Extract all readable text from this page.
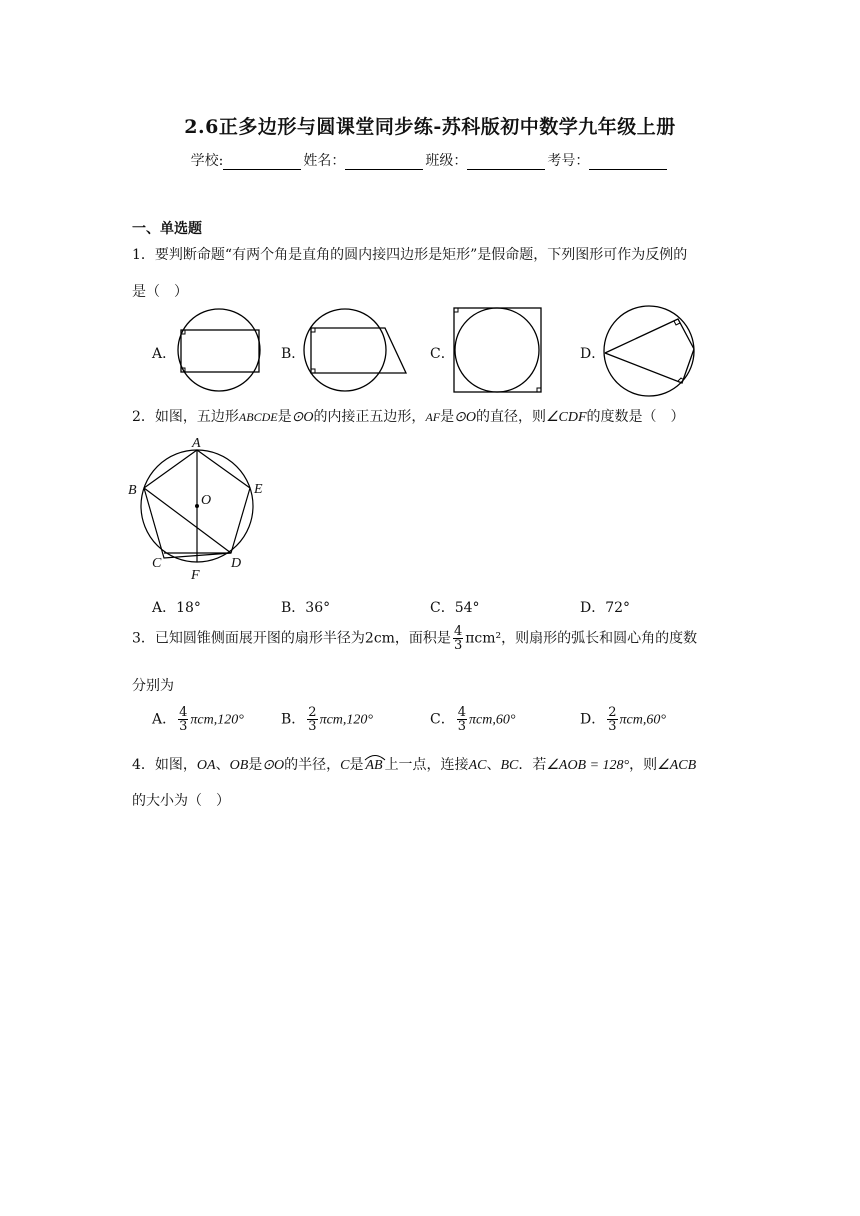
2.6正多边形与圆课堂同步练-苏科版初中数学九年级上册
学校:	姓名：	班级：	考号：
一、单选题
1．要判断命题“有两个角是直角的圆内接四边形是矩形”是假命题，下列图形可作为反例的
是（　）
A．	B．	C．	D．
2．如图，五边形ABCDE是⊙O的内接正五边形，AF是⊙O的直径，则∠CDF的度数是（　）
A
B	E
O
C	D
F
A．18°	B．36°	C．54°	D．72°
3．已知圆锥侧面展开图的扇形半径为2cm，面积是 $\frac{4}{3} \pi cm^2$，则扇形的弧长和圆心角的度数
分别为
A． $\frac{4}{3} \pi cm,120^\circ$	B． $\frac{2}{3} \pi cm,120^\circ$	C． $\frac{4}{3} \pi cm,60^\circ$	D． $\frac{2}{3} \pi cm,60^\circ$
4．如图，OA、OB是⊙O的半径，C是 AB 上一点，连接AC、BC．若∠AOB = 128°，则∠ACB
的大小为（　）
